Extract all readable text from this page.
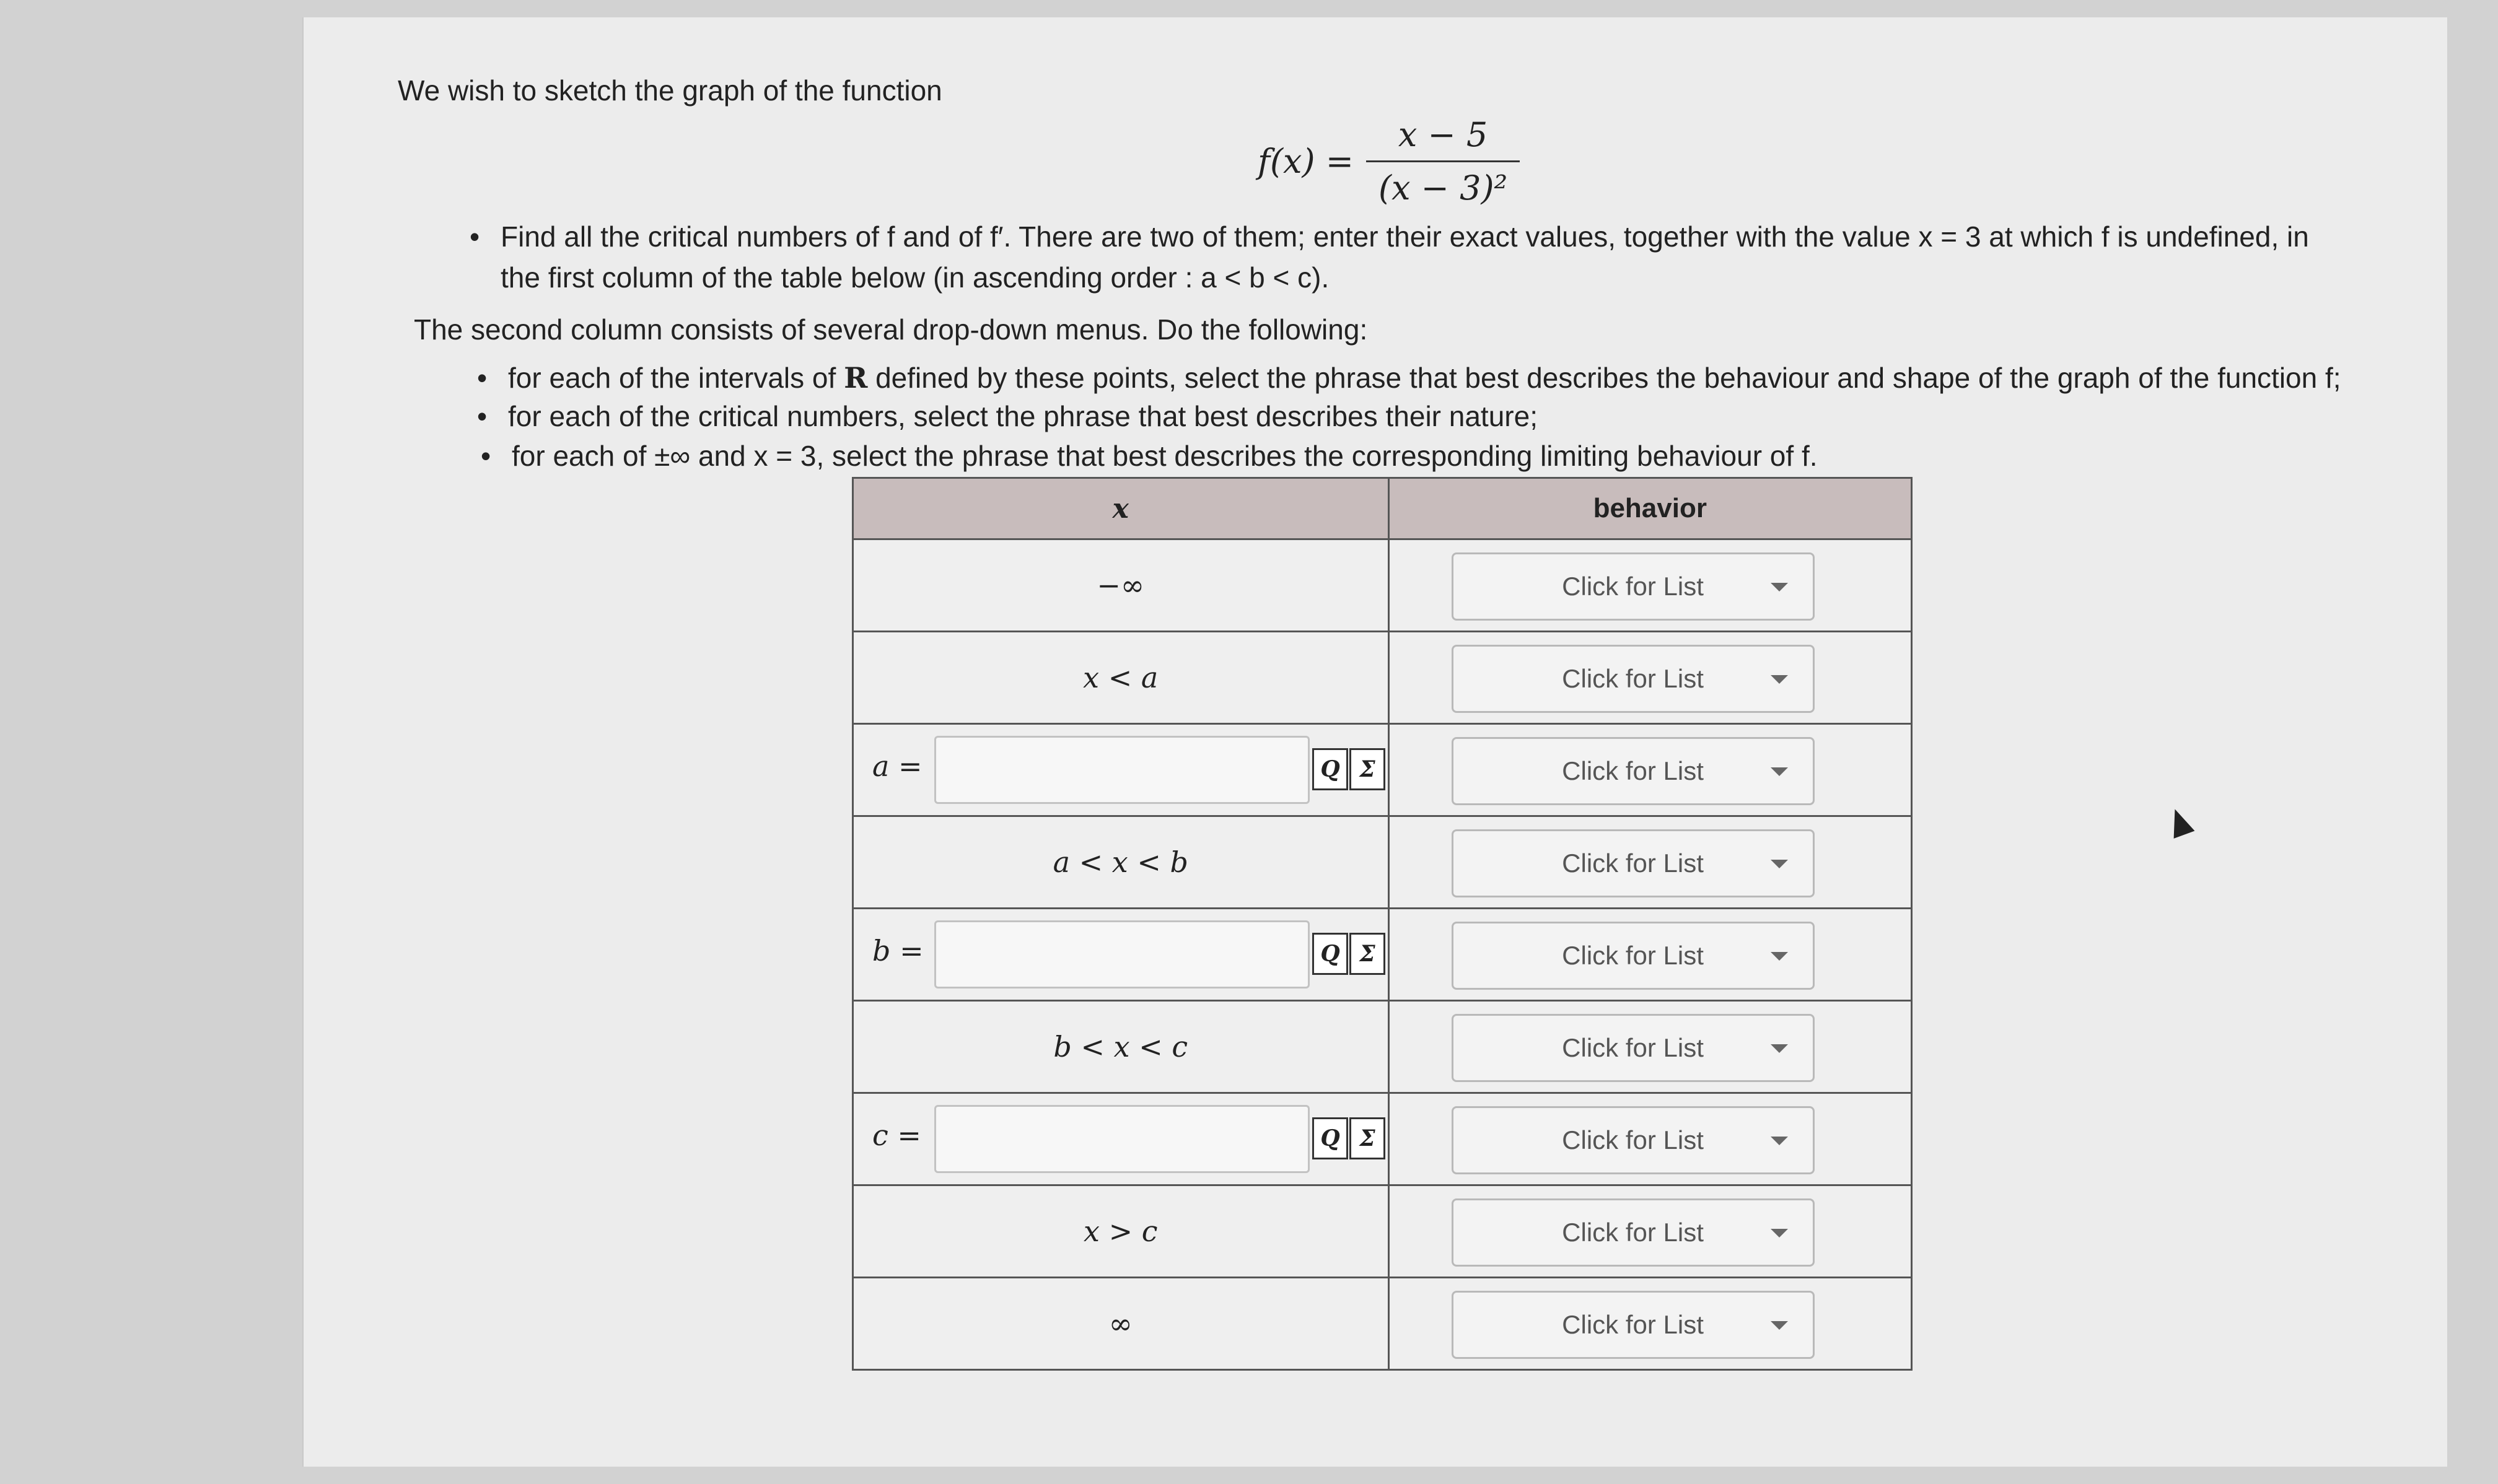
We wish to sketch the graph of the function
$f(x) = \frac{x - 5}{\text{(x − 3)²}}$
• Find all the critical numbers of f and of f′. There are two of them; enter their exact values, together with the value x = 3 at which f is undefined, in
the first column of the table below (in ascending order : a < b < c).
The second column consists of several drop-down menus. Do the following:
• for each of the intervals of R defined by these points, select the phrase that best describes the behaviour and shape of the graph of the function f;
• for each of the critical numbers, select the phrase that best describes their nature;
• for each of ±∞ and x = 3, select the phrase that best describes the corresponding limiting behaviour of f.
x	behavior
−∞	Click for List

x < a	Click for List

a = Q Σ	Click for List

a < x < b	Click for List

b = Q Σ	Click for List

b < x < c	Click for List

c = Q Σ	Click for List

x > c	Click for List

∞	Click for List
